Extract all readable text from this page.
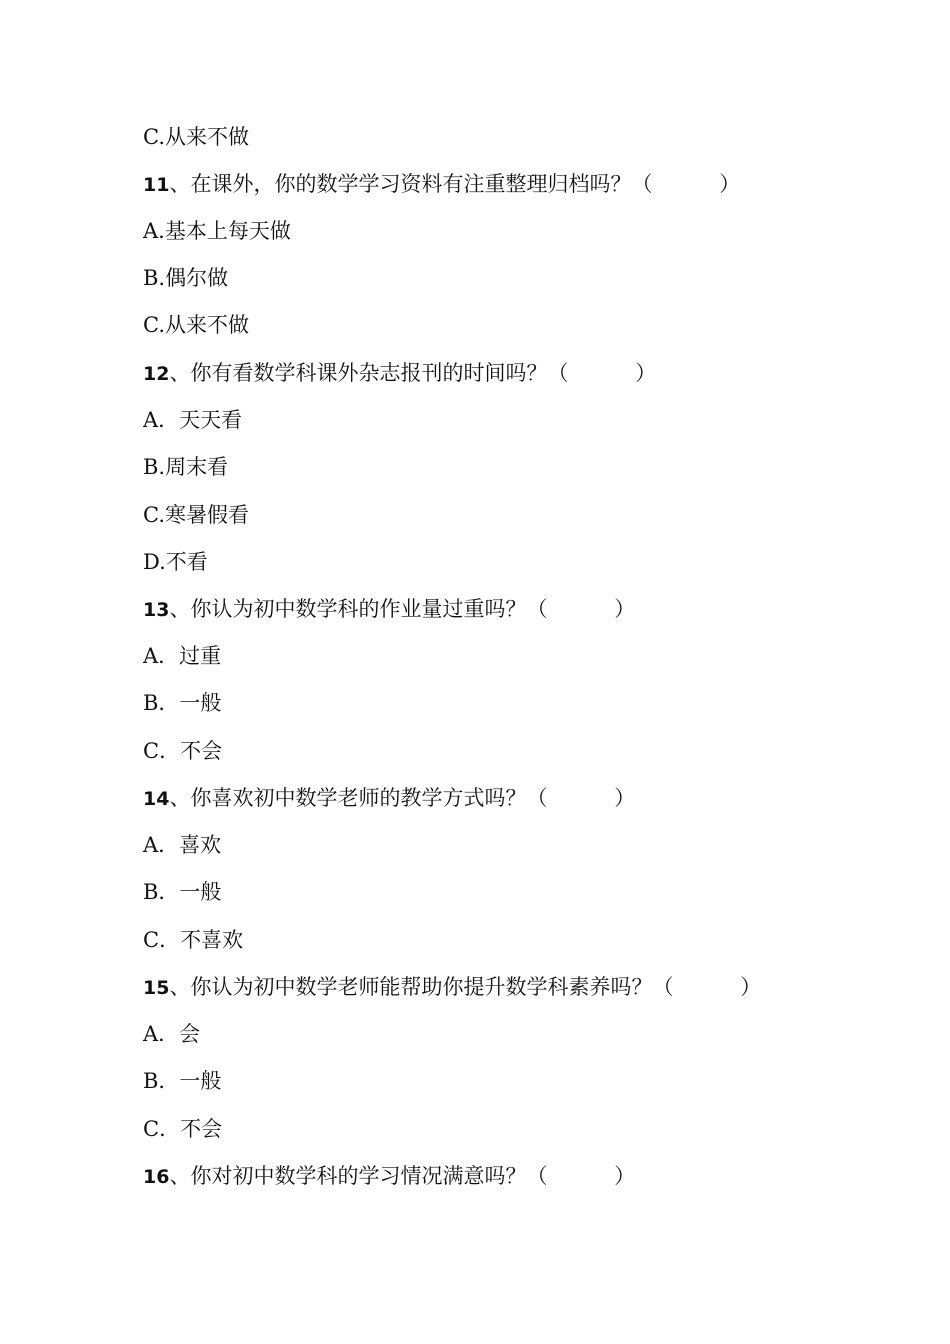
C.从来不做
11、在课外，你的数学学习资料有注重整理归档吗？（          ）
A.基本上每天做
B.偶尔做
C.从来不做
12、你有看数学科课外杂志报刊的时间吗？（          ）
A．天天看
B.周末看
C.寒暑假看
D.不看
13、你认为初中数学科的作业量过重吗？（          ）
A．过重
B．一般
C．不会
14、你喜欢初中数学老师的教学方式吗？（          ）
A．喜欢
B．一般
C．不喜欢
15、你认为初中数学老师能帮助你提升数学科素养吗？（          ）
A．会
B．一般
C．不会
16、你对初中数学科的学习情况满意吗？（          ）
